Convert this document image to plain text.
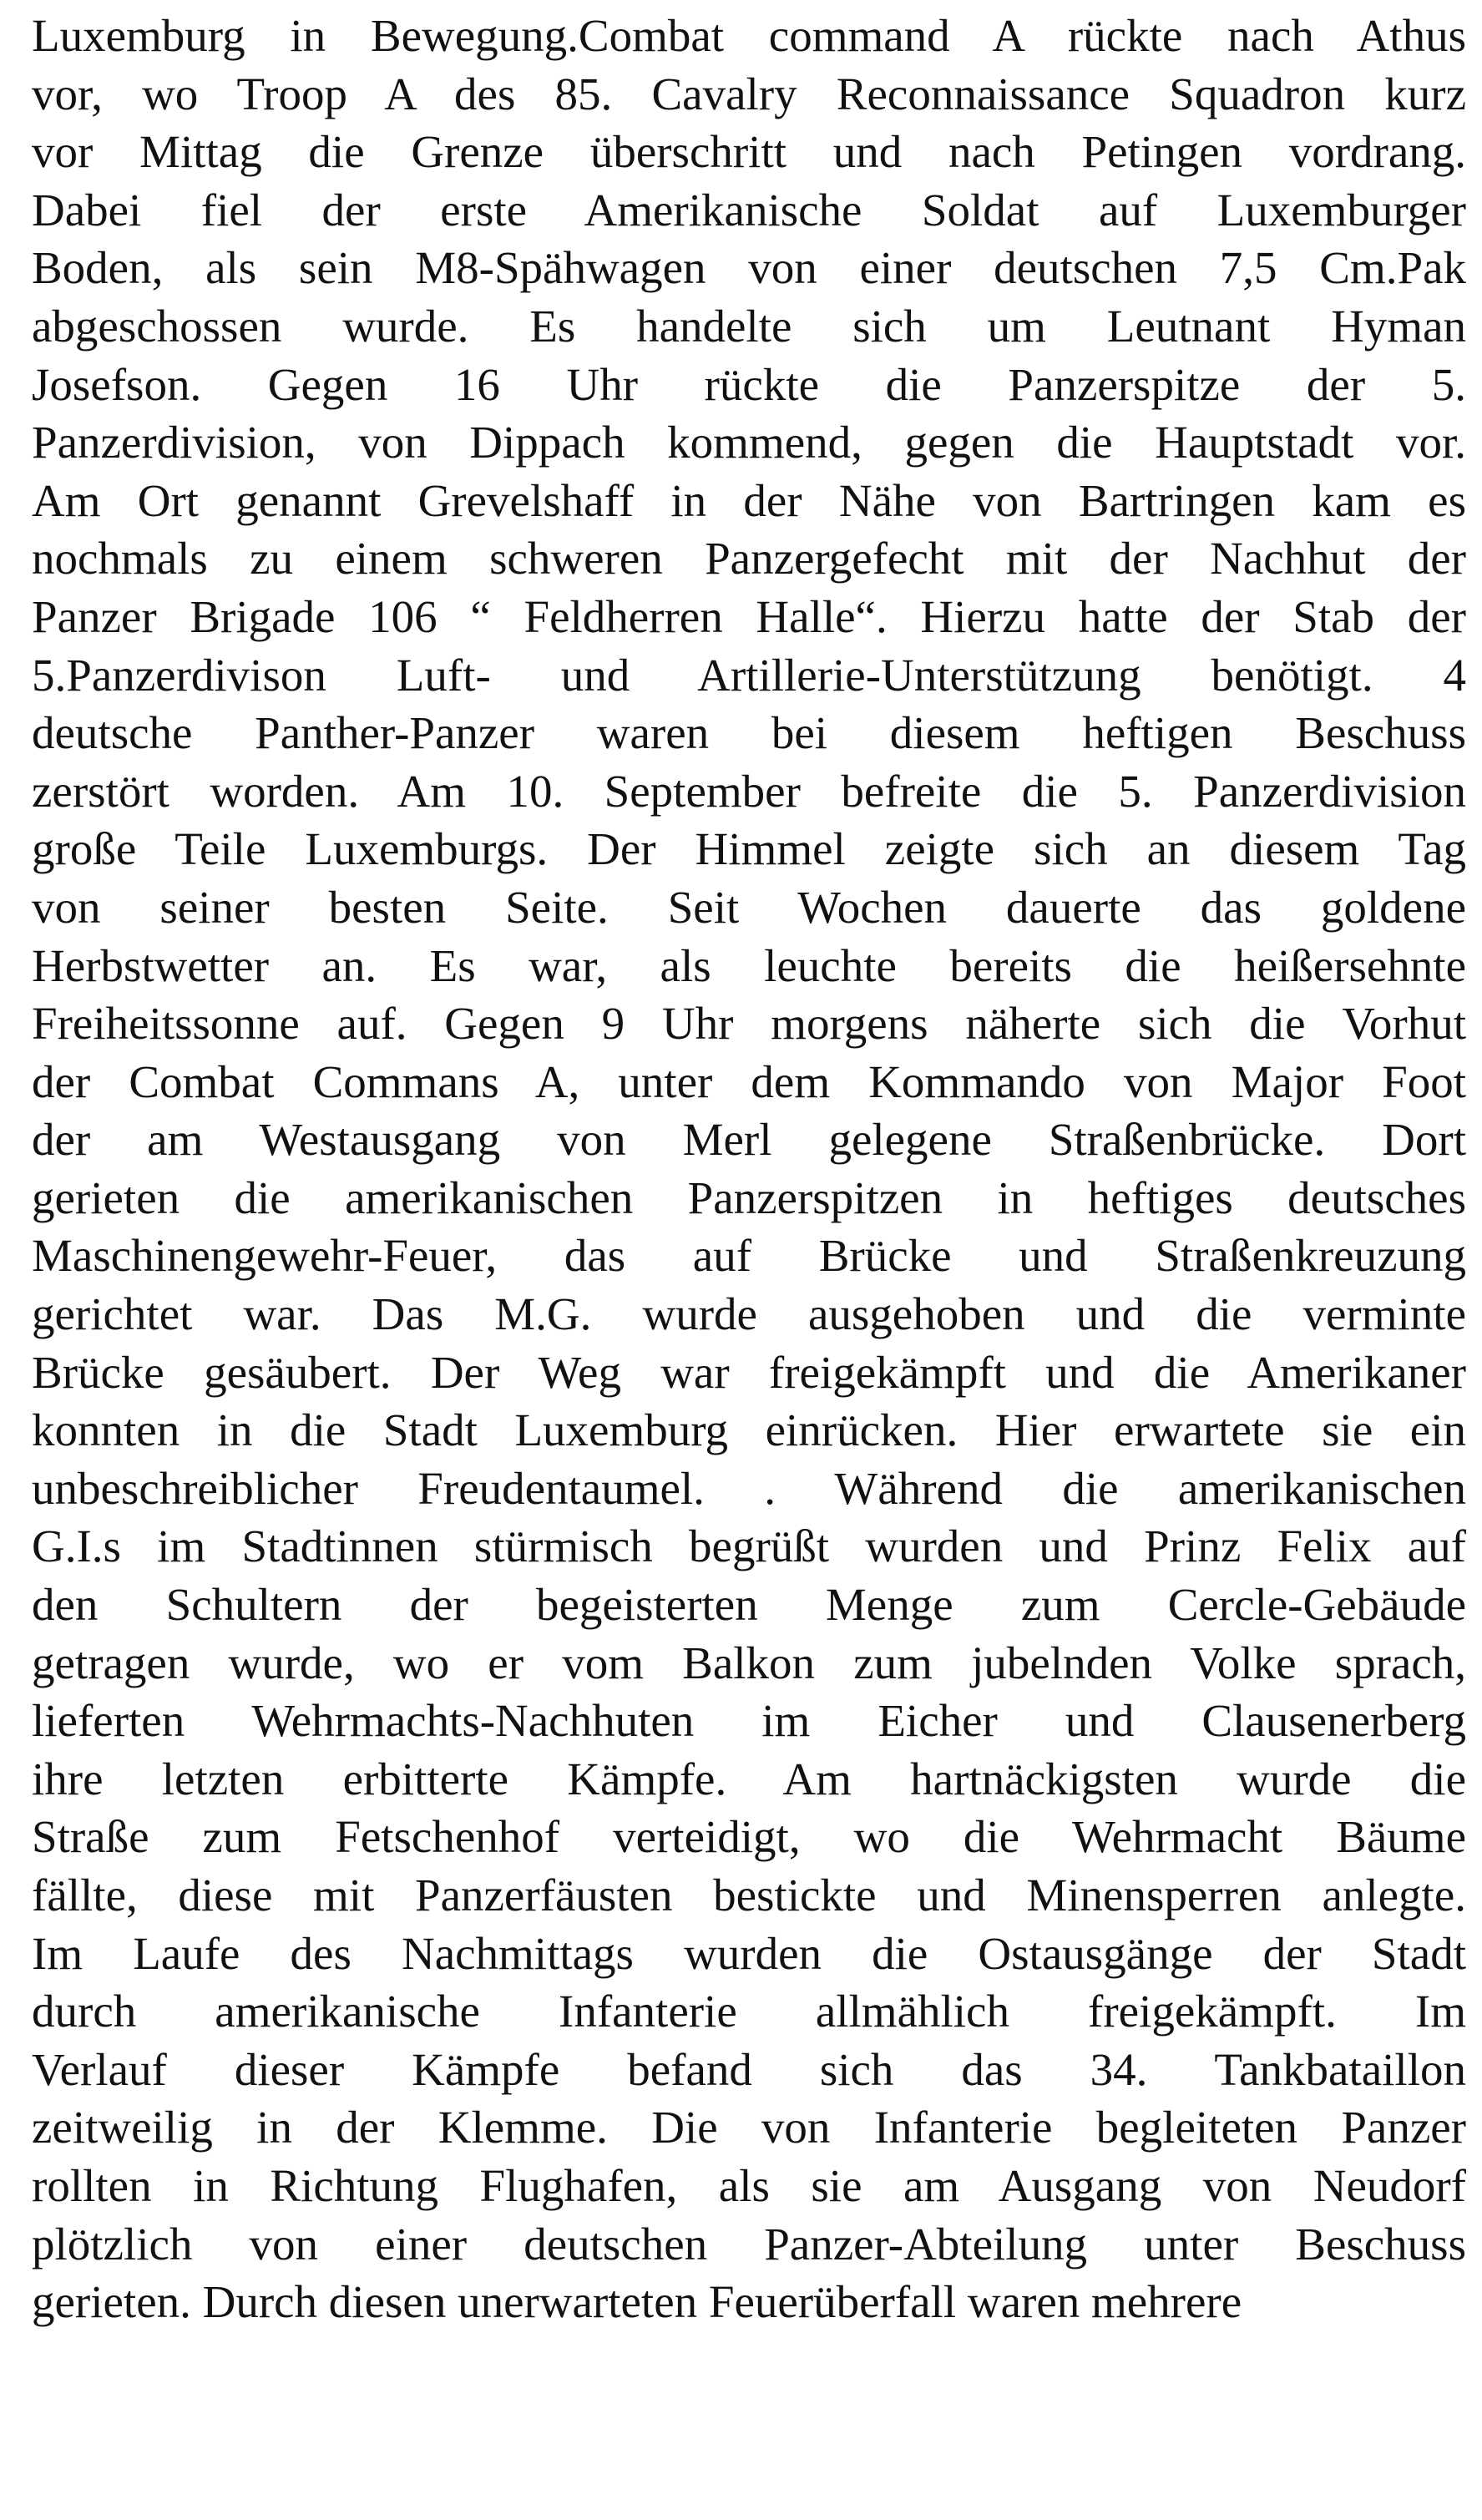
Luxemburg in Bewegung.Combat command A rückte nach Athus
vor, wo Troop A des 85. Cavalry Reconnaissance Squadron kurz
vor Mittag die Grenze überschritt und nach Petingen vordrang.
Dabei fiel der erste Amerikanische Soldat auf Luxemburger
Boden, als sein M8-Spähwagen von einer deutschen 7,5 Cm.Pak
abgeschossen wurde. Es handelte sich um Leutnant Hyman
Josefson. Gegen 16 Uhr rückte die Panzerspitze der 5.
Panzerdivision, von Dippach kommend, gegen die Hauptstadt vor.
Am Ort genannt Grevelshaff in der Nähe von Bartringen kam es
nochmals zu einem schweren Panzergefecht mit der Nachhut der
Panzer Brigade 106 “ Feldherren Halle“. Hierzu hatte der Stab der
5.Panzerdivison Luft- und Artillerie-Unterstützung benötigt. 4
deutsche Panther-Panzer waren bei diesem heftigen Beschuss
zerstört worden. Am 10. September befreite die 5. Panzerdivision
große Teile Luxemburgs. Der Himmel zeigte sich an diesem Tag
von seiner besten Seite. Seit Wochen dauerte das goldene
Herbstwetter an. Es war, als leuchte bereits die heißersehnte
Freiheitssonne auf. Gegen 9 Uhr morgens näherte sich die Vorhut
der Combat Commans A, unter dem Kommando von Major Foot
der am Westausgang von Merl gelegene Straßenbrücke. Dort
gerieten die amerikanischen Panzerspitzen in heftiges deutsches
Maschinengewehr-Feuer, das auf Brücke und Straßenkreuzung
gerichtet war. Das M.G. wurde ausgehoben und die verminte
Brücke gesäubert. Der Weg war freigekämpft und die Amerikaner
konnten in die Stadt Luxemburg einrücken. Hier erwartete sie ein
unbeschreiblicher Freudentaumel. . Während die amerikanischen
G.I.s im Stadtinnen stürmisch begrüßt wurden und Prinz Felix auf
den Schultern der begeisterten Menge zum Cercle-Gebäude
getragen wurde, wo er vom Balkon zum jubelnden Volke sprach,
lieferten Wehrmachts-Nachhuten im Eicher und Clausenerberg
ihre letzten erbitterte Kämpfe. Am hartnäckigsten wurde die
Straße zum Fetschenhof verteidigt, wo die Wehrmacht Bäume
fällte, diese mit Panzerfäusten bestickte und Minensperren anlegte.
Im Laufe des Nachmittags wurden die Ostausgänge der Stadt
durch amerikanische Infanterie allmählich freigekämpft. Im
Verlauf dieser Kämpfe befand sich das 34. Tankbataillon
zeitweilig in der Klemme. Die von Infanterie begleiteten Panzer
rollten in Richtung Flughafen, als sie am Ausgang von Neudorf
plötzlich von einer deutschen Panzer-Abteilung unter Beschuss
gerieten. Durch diesen unerwarteten Feuerüberfall waren mehrere
